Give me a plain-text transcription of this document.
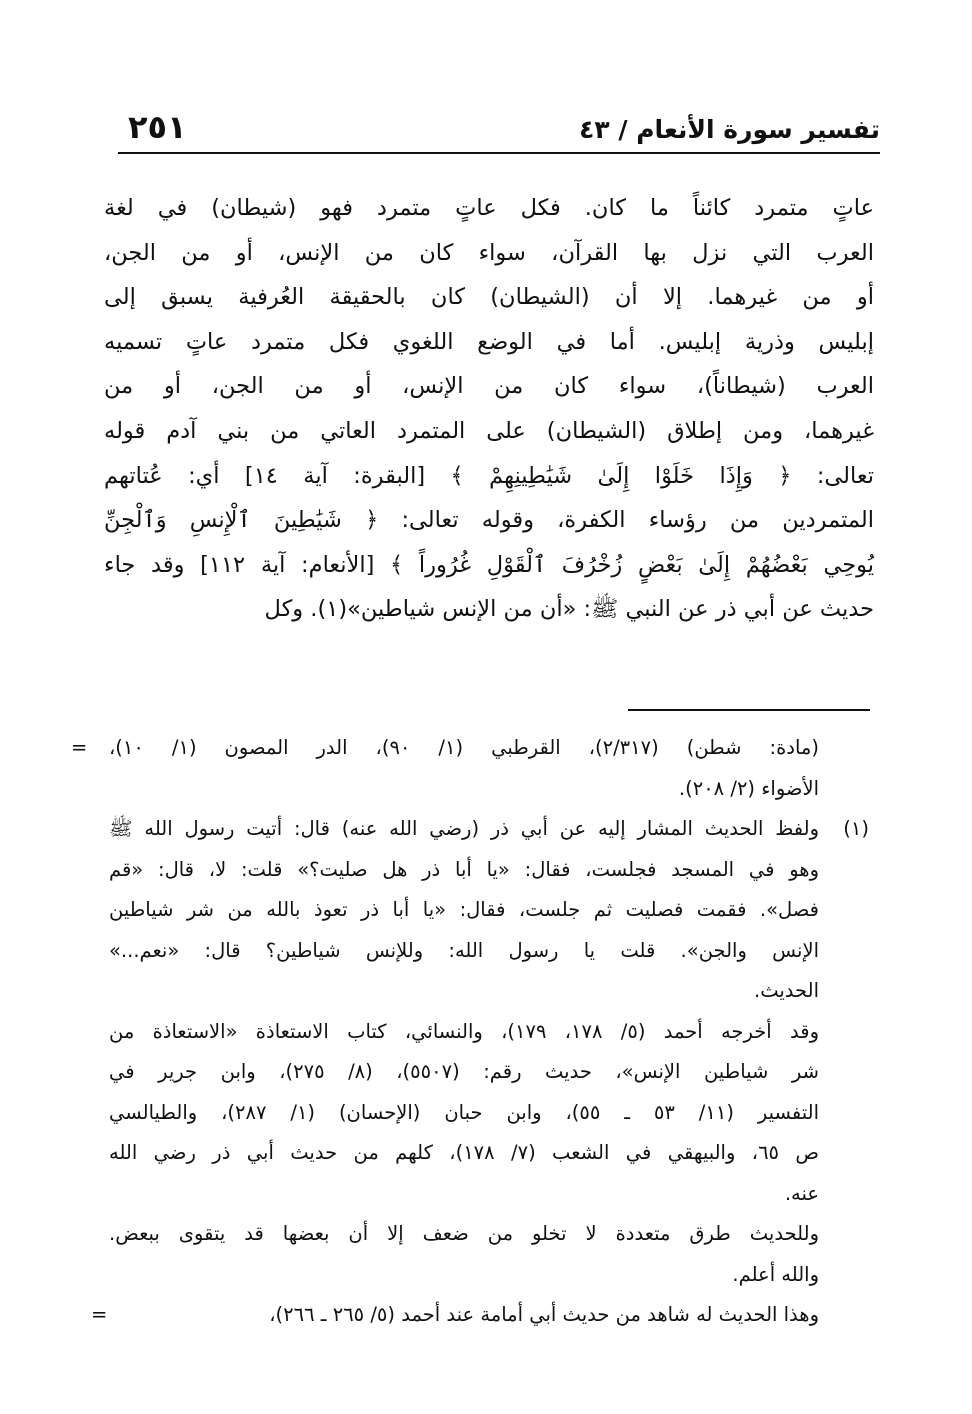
تفسير سورة الأنعام / ٤٣
٢٥١
عاتٍ متمرد كائناً ما كان. فكل عاتٍ متمرد فهو (شيطان) في لغة
العرب التي نزل بها القرآن، سواء كان من الإنس، أو من الجن،
أو من غيرهما. إلا أن (الشيطان) كان بالحقيقة العُرفية يسبق إلى
إبليس وذرية إبليس. أما في الوضع اللغوي فكل متمرد عاتٍ تسميه
العرب (شيطاناً)، سواء كان من الإنس، أو من الجن، أو من
غيرهما، ومن إطلاق (الشيطان) على المتمرد العاتي من بني آدم قوله
تعالى: ﴿ وَإِذَا خَلَوْا إِلَىٰ شَيَٰطِينِهِمْ ﴾ [البقرة: آية ١٤] أي: عُتاتهم
المتمردين من رؤساء الكفرة، وقوله تعالى: ﴿ شَيَٰطِينَ ٱلْإِنسِ وَٱلْجِنِّ
يُوحِي بَعْضُهُمْ إِلَىٰ بَعْضٍ زُخْرُفَ ٱلْقَوْلِ غُرُوراً ﴾ [الأنعام: آية ١١٢] وقد جاء
حديث عن أبي ذر عن النبي ﷺ: «أن من الإنس شياطين»(١). وكل
= (مادة: شطن) (٢/٣١٧)، القرطبي (١/ ٩٠)، الدر المصون (١/ ١٠)،
الأضواء (٢/ ٢٠٨).
(١)
ولفظ الحديث المشار إليه عن أبي ذر (رضي الله عنه) قال: أتيت رسول الله ﷺ
وهو في المسجد فجلست، فقال: «يا أبا ذر هل صليت؟» قلت: لا، قال: «قم
فصل». فقمت فصليت ثم جلست، فقال: «يا أبا ذر تعوذ بالله من شر شياطين
الإنس والجن». قلت يا رسول الله: وللإنس شياطين؟ قال: «نعم...»
الحديث.
وقد أخرجه أحمد (٥/ ١٧٨، ١٧٩)، والنسائي، كتاب الاستعاذة «الاستعاذة من
شر شياطين الإنس»، حديث رقم: (٥٥٠٧)، (٨/ ٢٧٥)، وابن جرير في
التفسير (١١/ ٥٣ ـ ٥٥)، وابن حبان (الإحسان) (١/ ٢٨٧)، والطيالسي
ص ٦٥، والبيهقي في الشعب (٧/ ١٧٨)، كلهم من حديث أبي ذر رضي الله
عنه.
وللحديث طرق متعددة لا تخلو من ضعف إلا أن بعضها قد يتقوى ببعض.
والله أعلم.
=	وهذا الحديث له شاهد من حديث أبي أمامة عند أحمد (٥/ ٢٦٥ ـ ٢٦٦)،
